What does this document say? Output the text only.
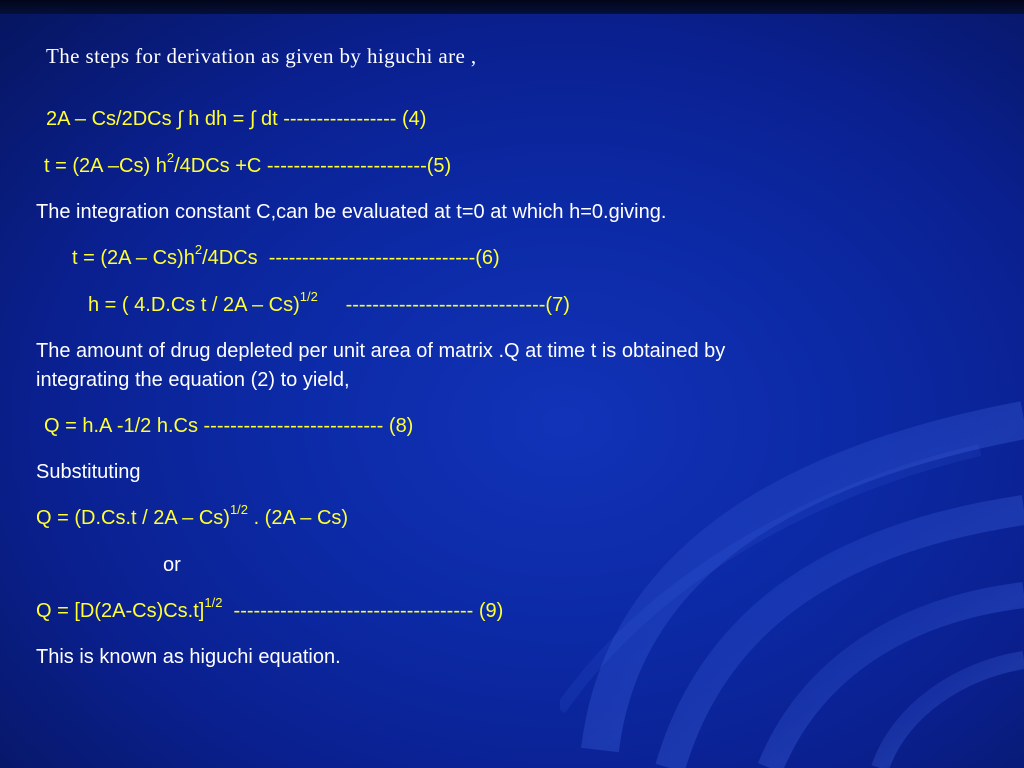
The steps for derivation as given by higuchi are ,
2A – Cs/2DCs ∫ h dh = ∫ dt ----------------- (4)
t = (2A –Cs) $h^2/4DCs +C$ ------------------------(5)
The integration constant C,can be evaluated at t=0 at which h=0.giving.
$t = (2A - Cs)h^2/4DCs$  -------------------------------(6)
h = ( 4.D.Cs t / 2A – Cs)$^{1/2}$     ------------------------------(7)
The amount of drug depleted per unit area of matrix .Q at time t is obtained by
integrating the equation (2) to yield,
Q = h.A -1/2 h.Cs --------------------------- (8)
Substituting
Q = (D.Cs.t / 2A – Cs)$^{1/2}$ . (2A – Cs)
or
$Q = [D(2A-Cs)Cs.t]^{1/2}$  ------------------------------------ (9)
This is known as higuchi equation.
